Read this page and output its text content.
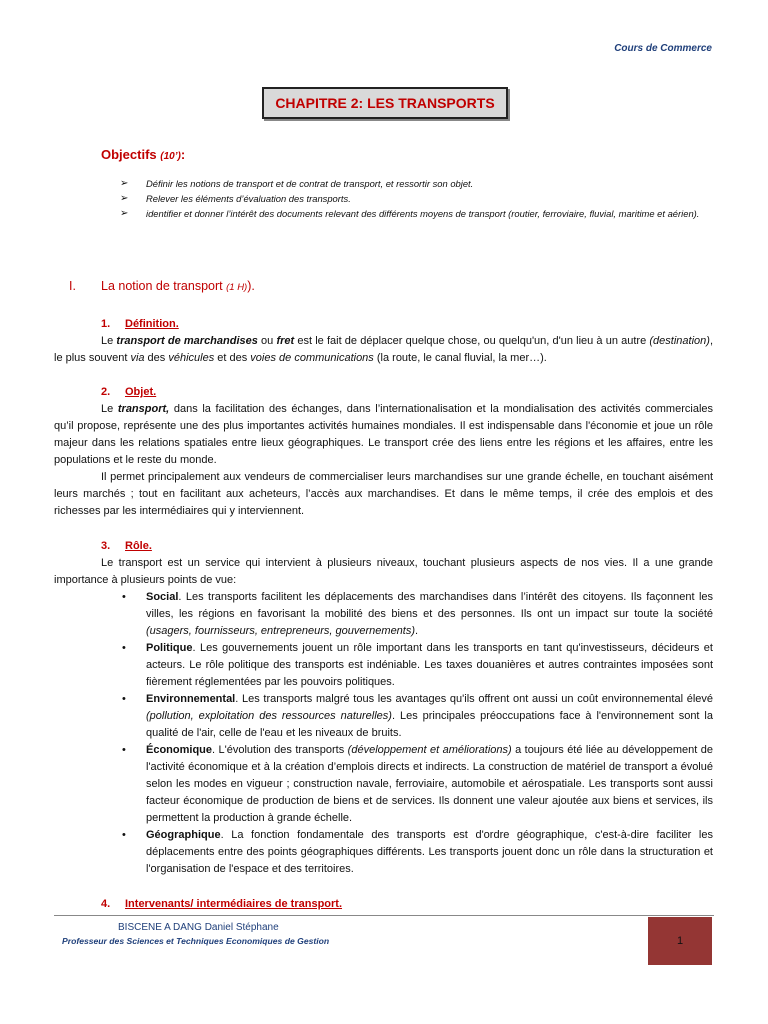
Cours de Commerce
CHAPITRE 2: LES TRANSPORTS
Objectifs (10’):
➢	Définir les notions de transport et de contrat de transport, et ressortir son objet.
➢	Relever les éléments d’évaluation des transports.
➢	identifier et donner l’intérêt des documents relevant des différents moyens de transport (routier, ferroviaire, fluvial, maritime et aérien).
I. La notion de transport (1 H)).
1. Définition.
Le transport de marchandises ou fret est le fait de déplacer quelque chose, ou quelqu'un, d'un lieu à un autre (destination), le plus souvent via des véhicules et des voies de communications (la route, le canal fluvial, la mer…).
2. Objet.
Le transport, dans la facilitation des échanges, dans l’internationalisation et la mondialisation des activités commerciales qu’il propose, représente une des plus importantes activités humaines mondiales. Il est indispensable dans l'économie et joue un rôle majeur dans les relations spatiales entre lieux géographiques. Le transport crée des liens entre les régions et les affaires, entre les populations et le reste du monde.
Il permet principalement aux vendeurs de commercialiser leurs marchandises sur une grande échelle, en touchant aisément leurs marchés ; tout en facilitant aux acheteurs, l’accès aux marchandises. Et dans le même temps, il crée des emplois et des richesses par les intermédiaires qui y interviennent.
3. Rôle.
Le transport est un service qui intervient à plusieurs niveaux, touchant plusieurs aspects de nos vies. Il a une grande importance à plusieurs points de vue:
•	Social. Les transports facilitent les déplacements des marchandises dans l’intérêt des citoyens. Ils façonnent les villes, les régions en favorisant la mobilité des biens et des personnes. Ils ont un impact sur toute la société (usagers, fournisseurs, entrepreneurs, gouvernements).
•	Politique. Les gouvernements jouent un rôle important dans les transports en tant qu'investisseurs, décideurs et acteurs. Le rôle politique des transports est indéniable. Les taxes douanières et autres contraintes imposées sont fièrement réglementées par les pouvoirs politiques.
•	Environnemental. Les transports malgré tous les avantages qu'ils offrent ont aussi un coût environnemental élevé (pollution, exploitation des ressources naturelles). Les principales préoccupations face à l'environnement sont la qualité de l'air, celle de l'eau et les niveaux de bruits.
•	Économique. L'évolution des transports (développement et améliorations) a toujours été liée au développement de l'activité économique et à la création d’emplois directs et indirects. La construction de matériel de transport a évolué selon les modes en vigueur ; construction navale, ferroviaire, automobile et aérospatiale. Les transports sont aussi facteur économique de production de biens et de services. Ils donnent une valeur ajoutée aux biens et services, ils permettent la production à grande échelle.
•	Géographique. La fonction fondamentale des transports est d'ordre géographique, c'est-à-dire faciliter les déplacements entre des points géographiques différents. Les transports jouent donc un rôle dans la structuration et l'organisation de l'espace et des territoires.
4. Intervenants/ intermédiaires de transport.
BISCENE A DANG Daniel Stéphane
Professeur des Sciences et Techniques Economiques de Gestion	1
